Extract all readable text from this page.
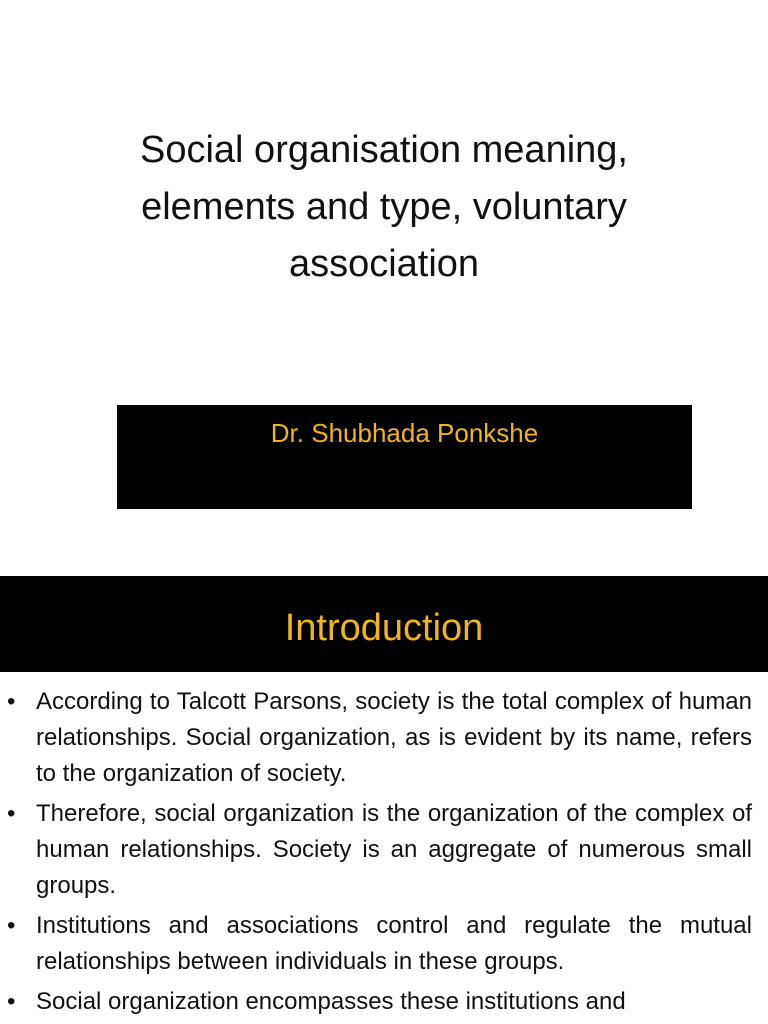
Social organisation meaning, elements and type, voluntary association
Dr. Shubhada Ponkshe
Introduction
• According to Talcott Parsons, society is the total complex of human relationships. Social organization, as is evident by its name, refers to the organization of society.
• Therefore, social organization is the organization of the complex of human relationships. Society is an aggregate of numerous small groups.
• Institutions and associations control and regulate the mutual relationships between individuals in these groups.
• Social organization encompasses these institutions and
